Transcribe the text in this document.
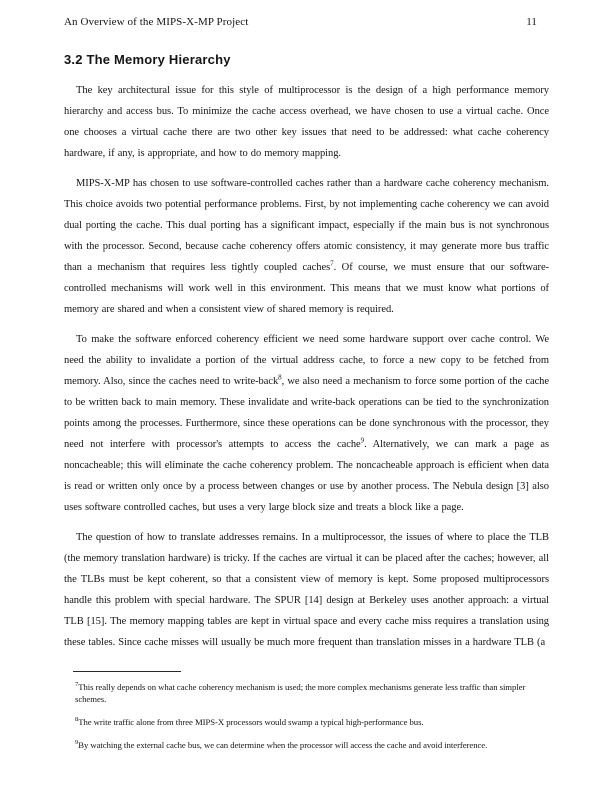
An Overview of the MIPS-X-MP Project	11
3.2 The Memory Hierarchy

The key architectural issue for this style of multiprocessor is the design of a high performance memory hierarchy and access bus. To minimize the cache access overhead, we have chosen to use a virtual cache. Once one chooses a virtual cache there are two other key issues that need to be addressed: what cache coherency hardware, if any, is appropriate, and how to do memory mapping.

MIPS-X-MP has chosen to use software-controlled caches rather than a hardware cache coherency mechanism. This choice avoids two potential performance problems. First, by not implementing cache coherency we can avoid dual porting the cache. This dual porting has a significant impact, especially if the main bus is not synchronous with the processor. Second, because cache coherency offers atomic consistency, it may generate more bus traffic than a mechanism that requires less tightly coupled caches$^7$. Of course, we must ensure that our software-controlled mechanisms will work well in this environment. This means that we must know what portions of memory are shared and when a consistent view of shared memory is required.

To make the software enforced coherency efficient we need some hardware support over cache control. We need the ability to invalidate a portion of the virtual address cache, to force a new copy to be fetched from memory. Also, since the caches need to write-back$^8$, we also need a mechanism to force some portion of the cache to be written back to main memory. These invalidate and write-back operations can be tied to the synchronization points among the processes. Furthermore, since these operations can be done synchronous with the processor, they need not interfere with processor's attempts to access the cache$^9$. Alternatively, we can mark a page as noncacheable; this will eliminate the cache coherency problem. The noncacheable approach is efficient when data is read or written only once by a process between changes or use by another process. The Nebula design [3] also uses software controlled caches, but uses a very large block size and treats a block like a page.

The question of how to translate addresses remains. In a multiprocessor, the issues of where to place the TLB (the memory translation hardware) is tricky. If the caches are virtual it can be placed after the caches; however, all the TLBs must be kept coherent, so that a consistent view of memory is kept. Some proposed multiprocessors handle this problem with special hardware. The SPUR [14] design at Berkeley uses another approach: a virtual TLB [15]. The memory mapping tables are kept in virtual space and every cache miss requires a translation using these tables. Since cache misses will usually be much more frequent than translation misses in a hardware TLB (a

$^7$This really depends on what cache coherency mechanism is used; the more complex mechanisms generate less traffic than simpler schemes.

$^8$The write traffic alone from three MIPS-X processors would swamp a typical high-performance bus.

$^9$By watching the external cache bus, we can determine when the processor will access the cache and avoid interference.
